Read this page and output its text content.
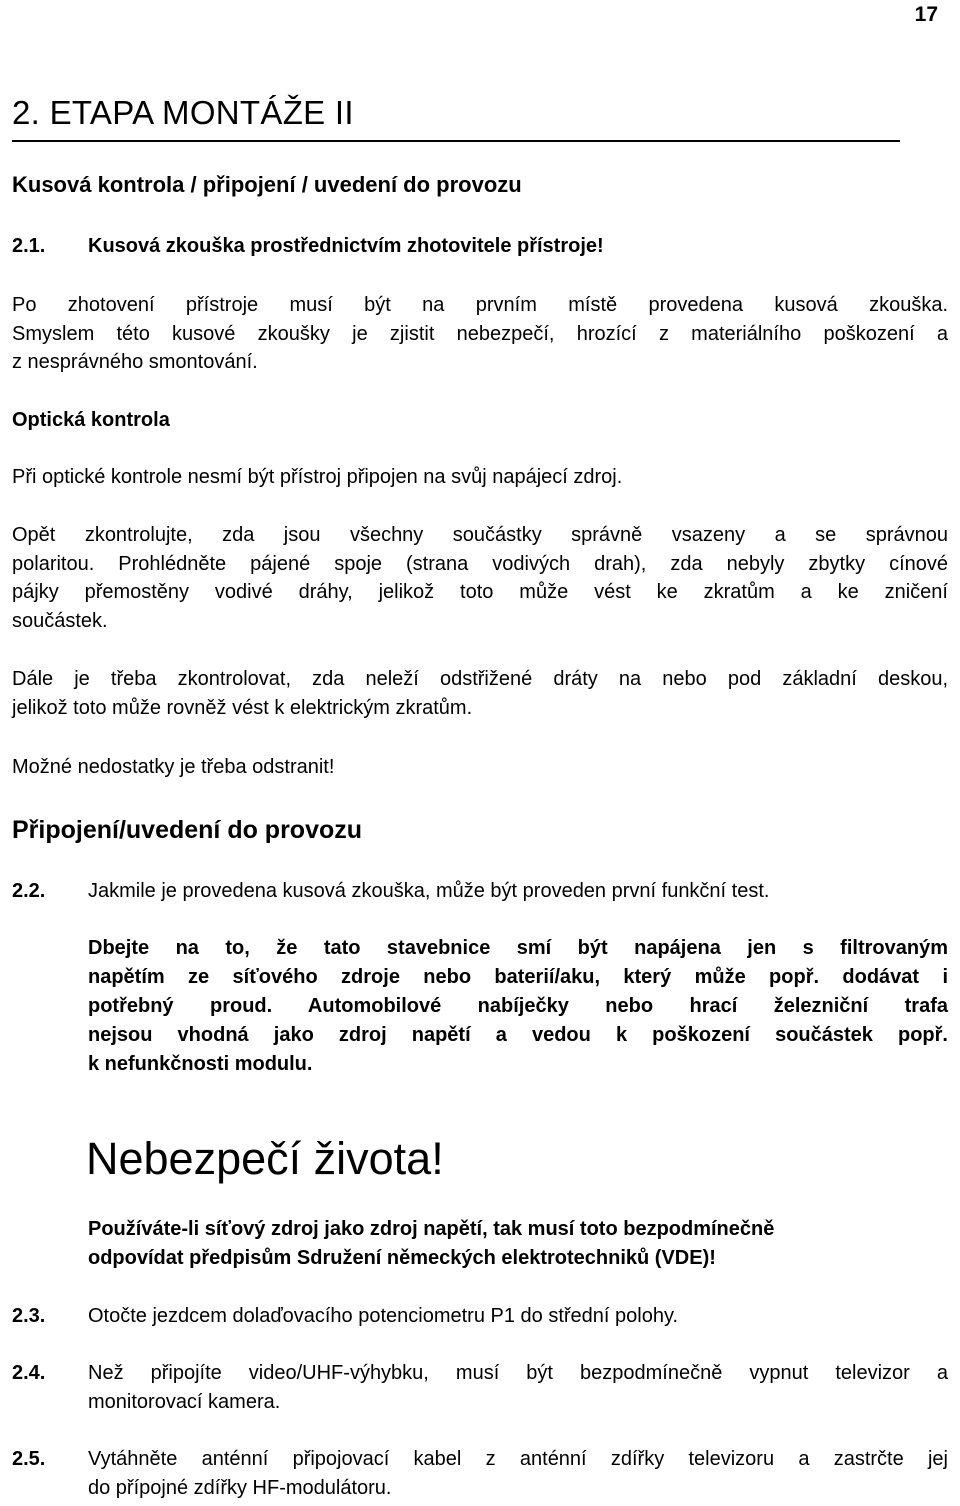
17
2. ETAPA MONTÁŽE II
Kusová kontrola / připojení / uvedení do provozu
2.1. Kusová zkouška prostřednictvím zhotovitele přístroje!
Po zhotovení přístroje musí být na prvním místě provedena kusová zkouška.
Smyslem této kusové zkoušky je zjistit nebezpečí, hrozící z materiálního poškození a
z nesprávného smontování.
Optická kontrola
Při optické kontrole nesmí být přístroj připojen na svůj napájecí zdroj.
Opět zkontrolujte, zda jsou všechny součástky správně vsazeny a se správnou
polaritou. Prohlédněte pájené spoje (strana vodivých drah), zda nebyly zbytky cínové
pájky přemostěny vodivé dráhy, jelikož toto může vést ke zkratům a ke zničení
součástek.
Dále je třeba zkontrolovat, zda neleží odstřižené dráty na nebo pod základní deskou,
jelikož toto může rovněž vést k elektrickým zkratům.
Možné nedostatky je třeba odstranit!
Připojení/uvedení do provozu
2.2. Jakmile je provedena kusová zkouška, může být proveden první funkční test.
Dbejte na to, že tato stavebnice smí být napájena jen s filtrovaným
napětím ze síťového zdroje nebo baterií/aku, který může popř. dodávat i
potřebný proud. Automobilové nabíječky nebo hrací železniční trafa
nejsou vhodná jako zdroj napětí a vedou k poškození součástek popř.
k nefunkčnosti modulu.
Nebezpečí života!
Používáte-li síťový zdroj jako zdroj napětí, tak musí toto bezpodmínečně
odpovídat předpisům Sdružení německých elektrotechniků (VDE)!
2.3. Otočte jezdcem dolaďovacího potenciometru P1 do střední polohy.
2.4. Než připojíte video/UHF-výhybku, musí být bezpodmínečně vypnut televizor a
monitorovací kamera.
2.5. Vytáhněte anténní připojovací kabel z anténní zdířky televizoru a zastrčte jej
do přípojné zdířky HF-modulátoru.
